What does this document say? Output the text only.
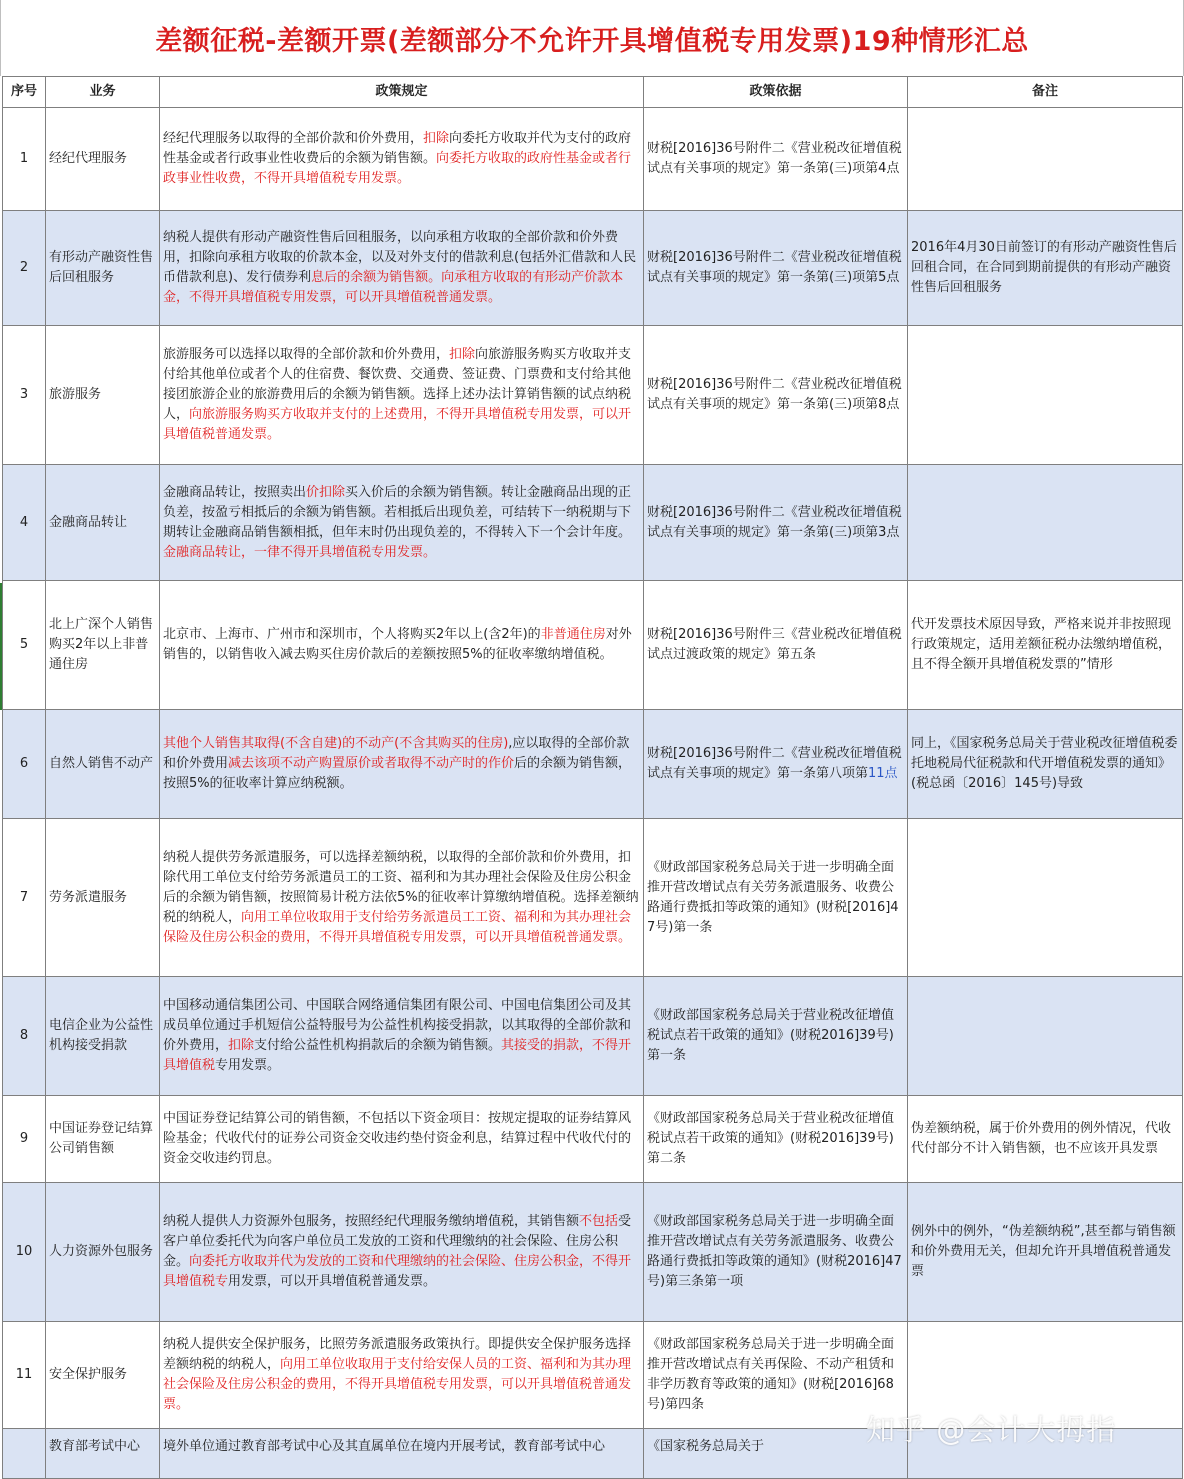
差额征税-差额开票(差额部分不允许开具增值税专用发票)19种情形汇总
序号	业务	政策规定	政策依据	备注
1	经纪代理服务	经纪代理服务以取得的全部价款和价外费用，扣除向委托方收取并代为支付的政府性基金或者行政事业性收费后的余额为销售额。向委托方收取的政府性基金或者行政事业性收费，不得开具增值税专用发票。	财税[2016]36号附件二《营业税改征增值税试点有关事项的规定》第一条第(三)项第4点	
2	有形动产融资性售后回租服务	纳税人提供有形动产融资性售后回租服务，以向承租方收取的全部价款和价外费用，扣除向承租方收取的价款本金，以及对外支付的借款利息(包括外汇借款和人民币借款利息)、发行债券利息后的余额为销售额。向承租方收取的有形动产价款本金，不得开具增值税专用发票，可以开具增值税普通发票。	财税[2016]36号附件二《营业税改征增值税试点有关事项的规定》第一条第(三)项第5点	2016年4月30日前签订的有形动产融资性售后回租合同，在合同到期前提供的有形动产融资性售后回租服务
3	旅游服务	旅游服务可以选择以取得的全部价款和价外费用，扣除向旅游服务购买方收取并支付给其他单位或者个人的住宿费、餐饮费、交通费、签证费、门票费和支付给其他接团旅游企业的旅游费用后的余额为销售额。选择上述办法计算销售额的试点纳税人，向旅游服务购买方收取并支付的上述费用，不得开具增值税专用发票，可以开具增值税普通发票。	财税[2016]36号附件二《营业税改征增值税试点有关事项的规定》第一条第(三)项第8点	
4	金融商品转让	金融商品转让，按照卖出价扣除买入价后的余额为销售额。转让金融商品出现的正负差，按盈亏相抵后的余额为销售额。若相抵后出现负差，可结转下一纳税期与下期转让金融商品销售额相抵，但年末时仍出现负差的，不得转入下一个会计年度。金融商品转让，一律不得开具增值税专用发票。	财税[2016]36号附件二《营业税改征增值税试点有关事项的规定》第一条第(三)项第3点	
5	北上广深个人销售购买2年以上非普通住房	北京市、上海市、广州市和深圳市，个人将购买2年以上(含2年)的非普通住房对外销售的，以销售收入减去购买住房价款后的差额按照5%的征收率缴纳增值税。	财税[2016]36号附件三《营业税改征增值税试点过渡政策的规定》第五条	代开发票技术原因导致，严格来说并非按照现行政策规定，适用差额征税办法缴纳增值税，且不得全额开具增值税发票的”情形
6	自然人销售不动产	其他个人销售其取得(不含自建)的不动产(不含其购买的住房),应以取得的全部价款和价外费用减去该项不动产购置原价或者取得不动产时的作价后的余额为销售额，按照5%的征收率计算应纳税额。	财税[2016]36号附件二《营业税改征增值税试点有关事项的规定》第一条第八项第11点	同上，《国家税务总局关于营业税改征增值税委托地税局代征税款和代开增值税发票的通知》(税总函〔2016〕145号)导致
7	劳务派遣服务	纳税人提供劳务派遣服务，可以选择差额纳税，以取得的全部价款和价外费用，扣除代用工单位支付给劳务派遣员工的工资、福利和为其办理社会保险及住房公积金后的余额为销售额，按照简易计税方法依5%的征收率计算缴纳增值税。选择差额纳税的纳税人，向用工单位收取用于支付给劳务派遣员工工资、福利和为其办理社会保险及住房公积金的费用，不得开具增值税专用发票，可以开具增值税普通发票。	《财政部国家税务总局关于进一步明确全面推开营改增试点有关劳务派遣服务、收费公路通行费抵扣等政策的通知》(财税[2016]47号)第一条	
8	电信企业为公益性机构接受捐款	中国移动通信集团公司、中国联合网络通信集团有限公司、中国电信集团公司及其成员单位通过手机短信公益特服号为公益性机构接受捐款，以其取得的全部价款和价外费用，扣除支付给公益性机构捐款后的余额为销售额。其接受的捐款，不得开具增值税专用发票。	《财政部国家税务总局关于营业税改征增值税试点若干政策的通知》(财税2016]39号)第一条	
9	中国证券登记结算公司销售额	中国证券登记结算公司的销售额，不包括以下资金项目：按规定提取的证券结算风险基金；代收代付的证券公司资金交收违约垫付资金利息，结算过程中代收代付的资金交收违约罚息。	《财政部国家税务总局关于营业税改征增值税试点若干政策的通知》(财税2016]39号)第二条	伪差额纳税，属于价外费用的例外情况，代收代付部分不计入销售额，也不应该开具发票
10	人力资源外包服务	纳税人提供人力资源外包服务，按照经纪代理服务缴纳增值税，其销售额不包括受客户单位委托代为向客户单位员工发放的工资和代理缴纳的社会保险、住房公积金。向委托方收取并代为发放的工资和代理缴纳的社会保险、住房公积金，不得开具增值税专用发票，可以开具增值税普通发票。	《财政部国家税务总局关于进一步明确全面推开营改增试点有关劳务派遣服务、收费公路通行费抵扣等政策的通知》(财税2016]47号)第三条第一项	例外中的例外，“伪差额纳税”,甚至都与销售额和价外费用无关，但却允许开具增值税普通发票
11	安全保护服务	纳税人提供安全保护服务，比照劳务派遣服务政策执行。即提供安全保护服务选择差额纳税的纳税人，向用工单位收取用于支付给安保人员的工资、福利和为其办理社会保险及住房公积金的费用，不得开具增值税专用发票，可以开具增值税普通发票。	《财政部国家税务总局关于进一步明确全面推开营改增试点有关再保险、不动产租赁和非学历教育等政策的通知》(财税[2016]68号)第四条	
	教育部考试中心	境外单位通过教育部考试中心及其直属单位在境内开展考试，教育部考试中心	《国家税务总局关于		知乎 @会计大拇指
